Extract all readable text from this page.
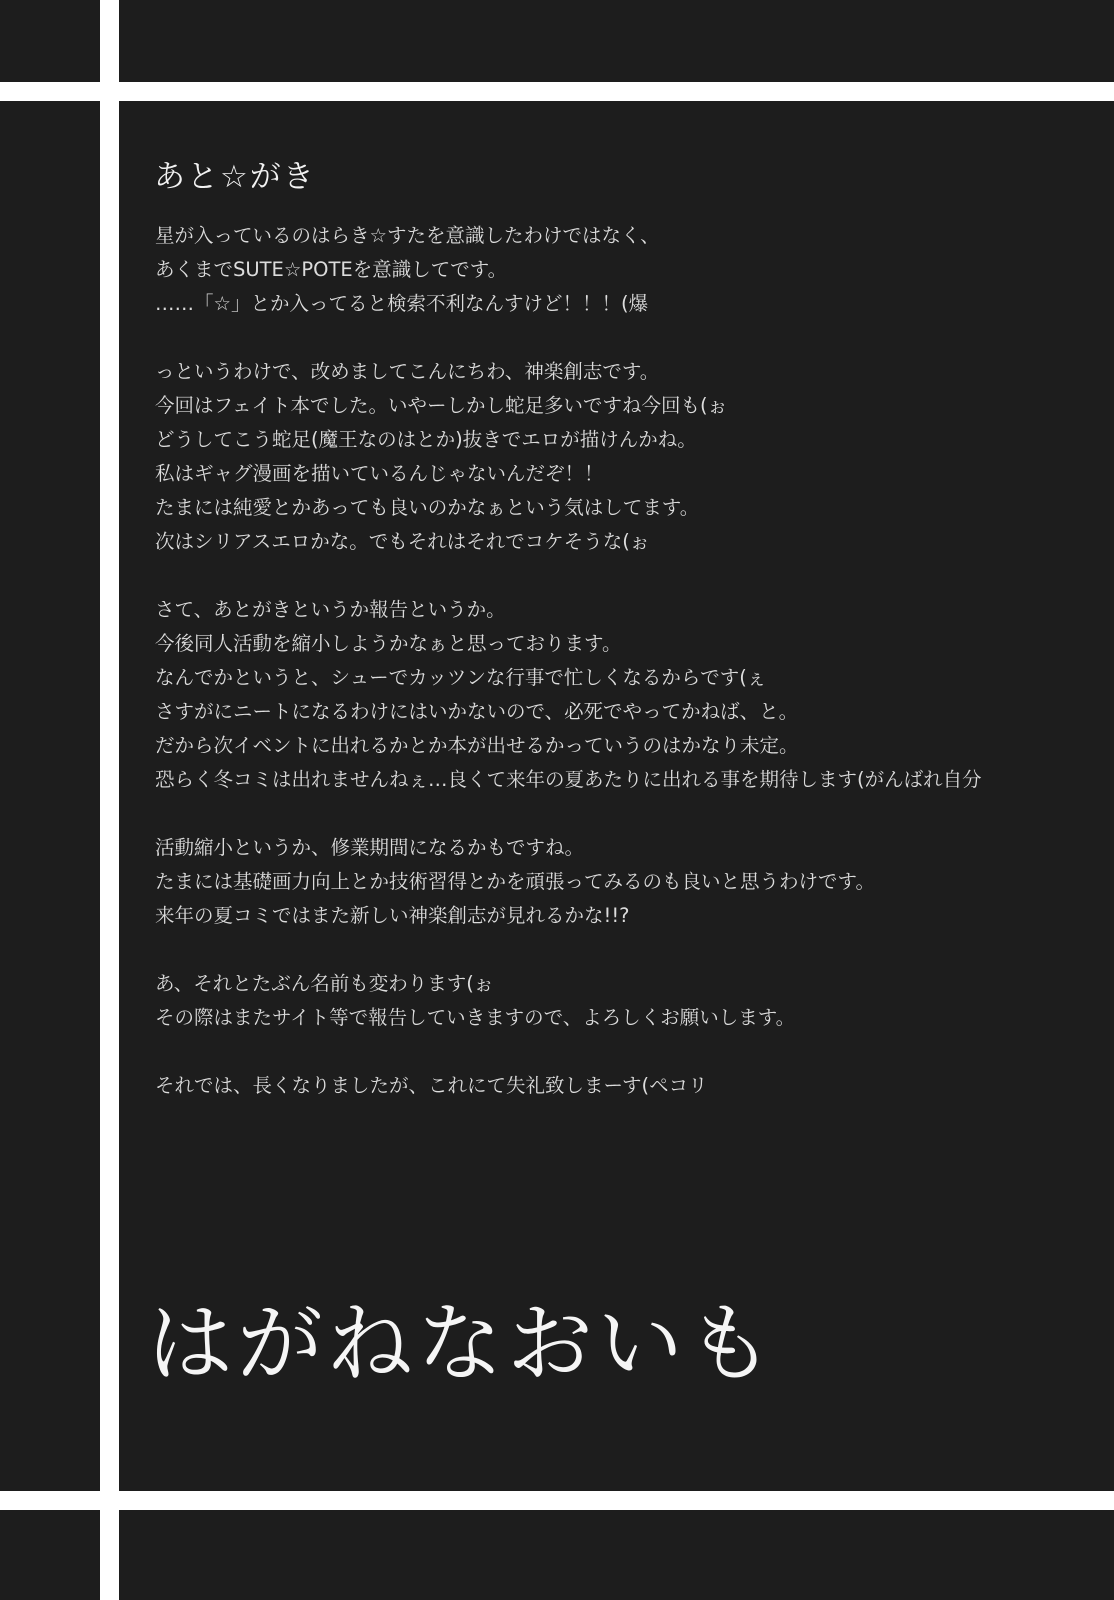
あと☆がき

星が入っているのはらき☆すたを意識したわけではなく、

あくまでSUTE☆POTEを意識してです。

……「☆」とか入ってると検索不利なんすけど！！！(爆

っというわけで、改めましてこんにちわ、神楽創志です。

今回はフェイト本でした。いやーしかし蛇足多いですね今回も(ぉ

どうしてこう蛇足(魔王なのはとか)抜きでエロが描けんかね。

私はギャグ漫画を描いているんじゃないんだぞ！！

たまには純愛とかあっても良いのかなぁという気はしてます。

次はシリアスエロかな。でもそれはそれでコケそうな(ぉ

さて、あとがきというか報告というか。

今後同人活動を縮小しようかなぁと思っております。

なんでかというと、シューでカッツンな行事で忙しくなるからです(ぇ

さすがにニートになるわけにはいかないので、必死でやってかねば、と。

だから次イベントに出れるかとか本が出せるかっていうのはかなり未定。

恐らく冬コミは出れませんねぇ…良くて来年の夏あたりに出れる事を期待します(がんばれ自分

活動縮小というか、修業期間になるかもですね。

たまには基礎画力向上とか技術習得とかを頑張ってみるのも良いと思うわけです。

来年の夏コミではまた新しい神楽創志が見れるかな!!?

あ、それとたぶん名前も変わります(ぉ

その際はまたサイト等で報告していきますので、よろしくお願いします。

それでは、長くなりましたが、これにて失礼致しまーす(ペコリ

はがねなおいも
